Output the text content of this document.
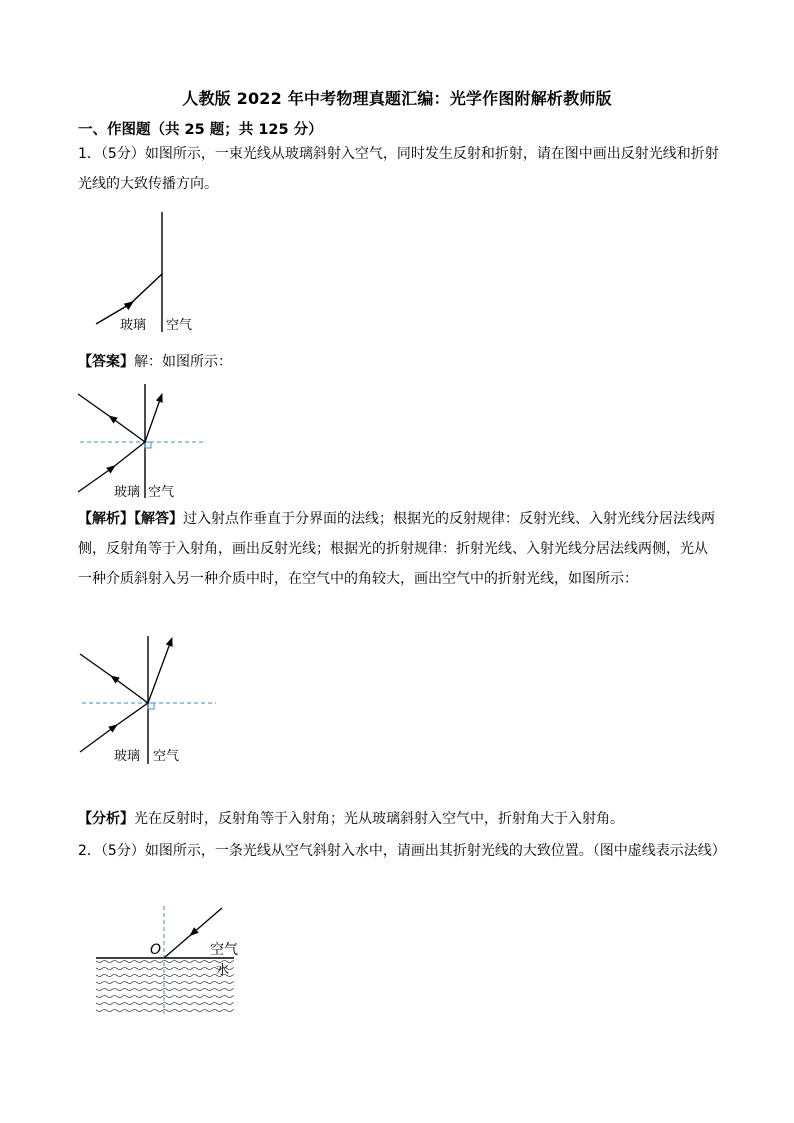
人教版 2022 年中考物理真题汇编：光学作图附解析教师版
一、作图题（共 25 题；共 125 分）
1．（5分）如图所示，一束光线从玻璃斜射入空气，同时发生反射和折射，请在图中画出反射光线和折射光线的大致传播方向。
玻璃 空气
【答案】解：如图所示：
玻璃 空气
【解析】【解答】过入射点作垂直于分界面的法线；根据光的反射规律：反射光线、入射光线分居法线两侧，反射角等于入射角，画出反射光线；根据光的折射规律：折射光线、入射光线分居法线两侧，光从一种介质斜射入另一种介质中时，在空气中的角较大，画出空气中的折射光线，如图所示：
玻璃 空气
【分析】光在反射时，反射角等于入射角；光从玻璃斜射入空气中，折射角大于入射角。
2．（5分）如图所示，一条光线从空气斜射入水中，请画出其折射光线的大致位置。（图中虚线表示法线）
O	空气
水
